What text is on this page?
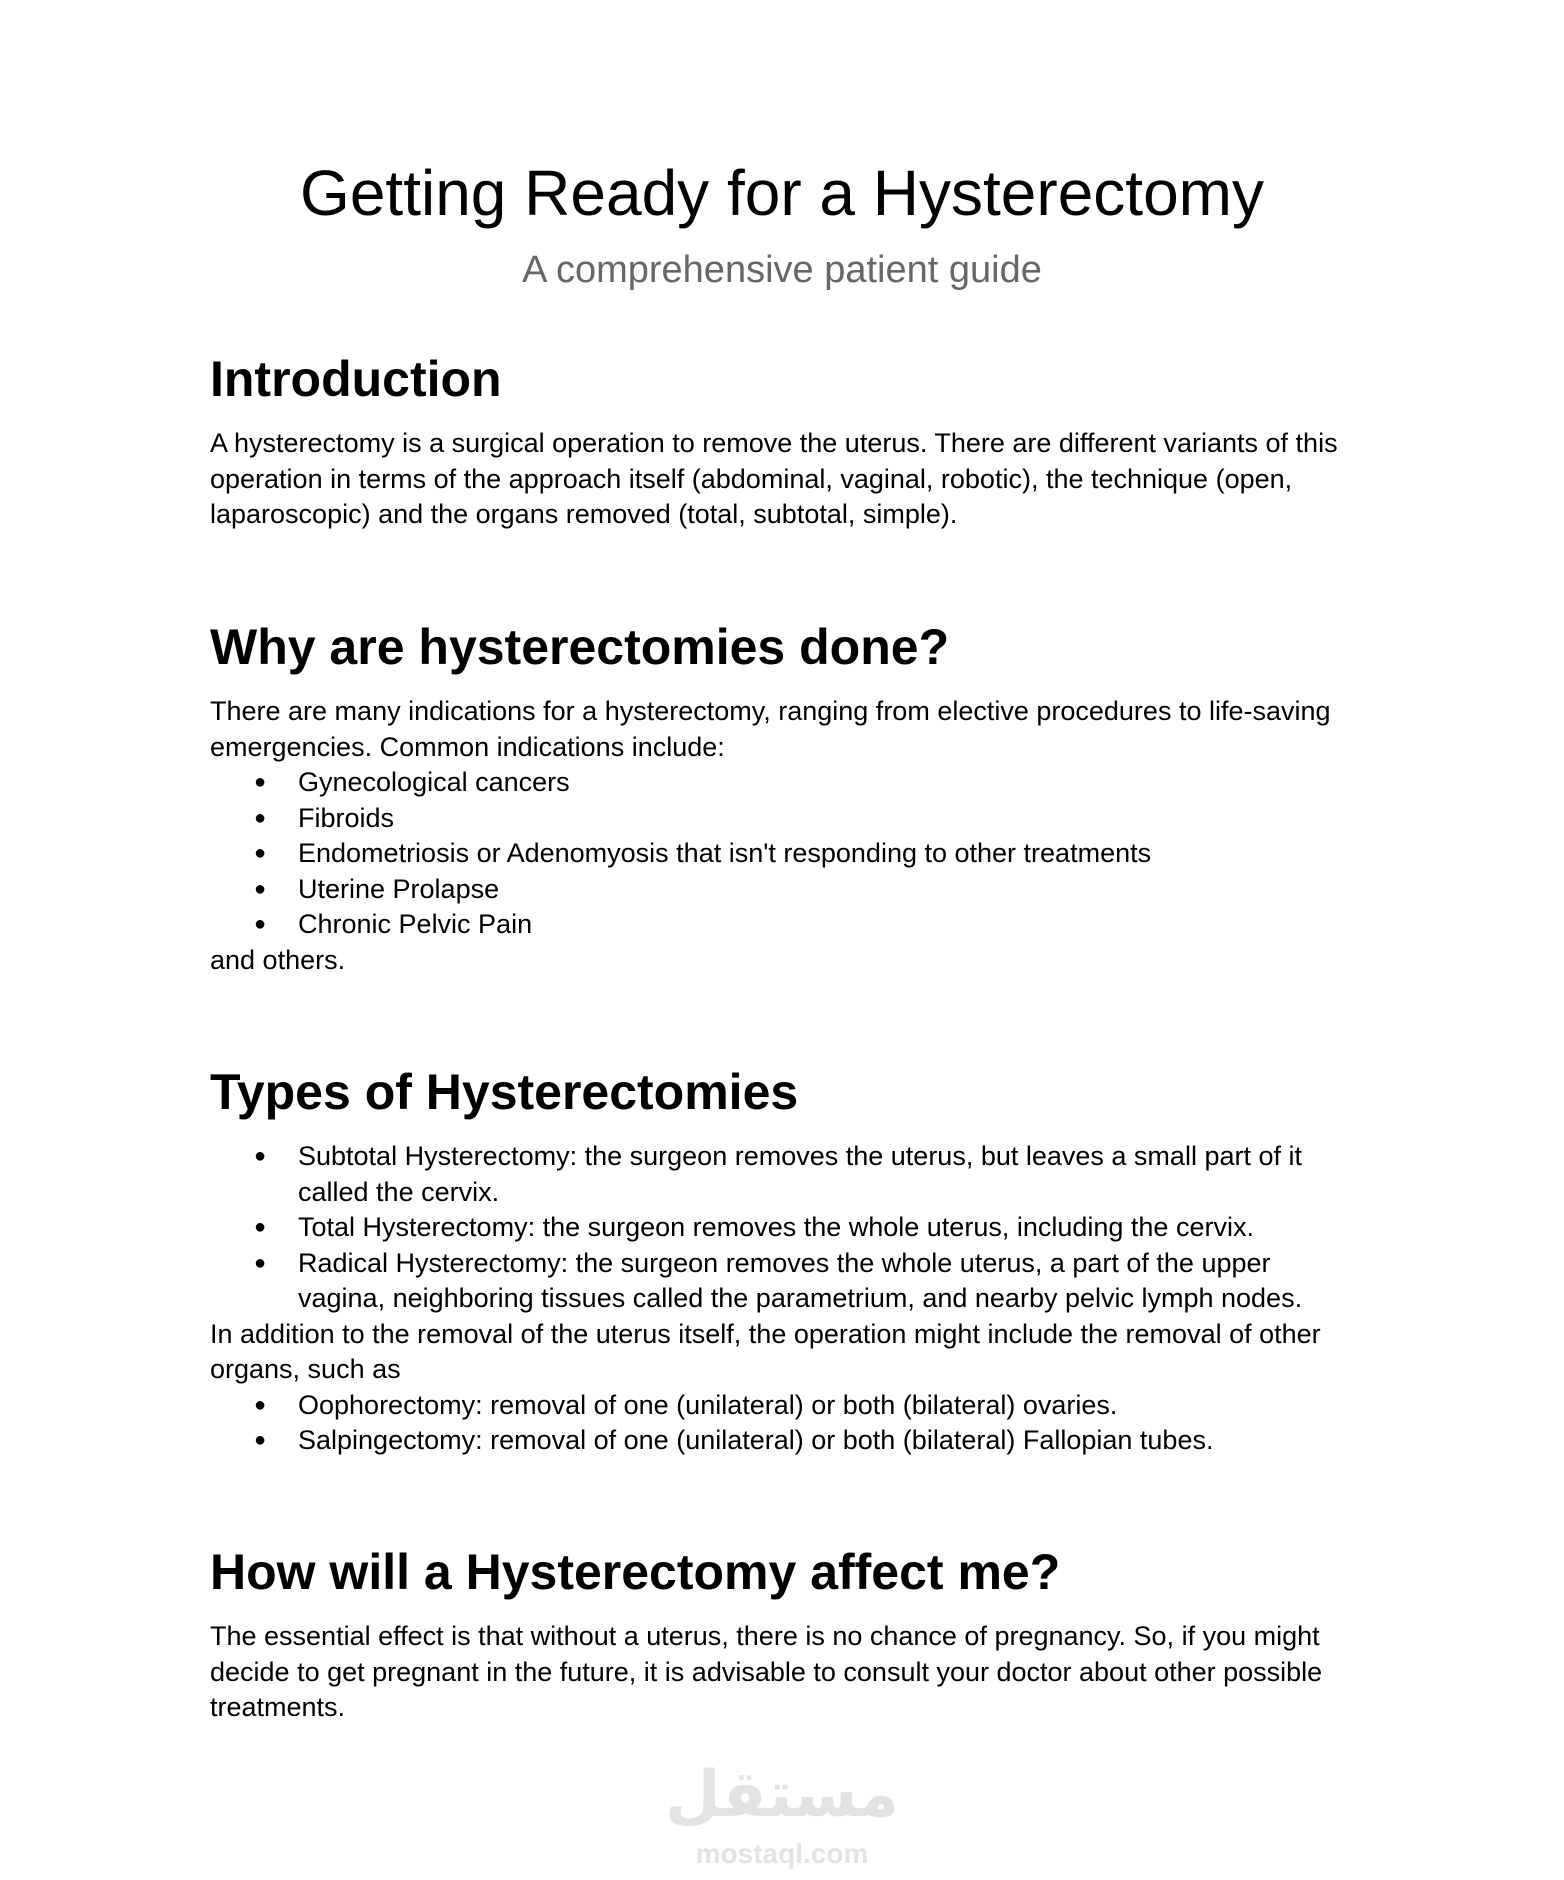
Getting Ready for a Hysterectomy
A comprehensive patient guide
Introduction

A hysterectomy is a surgical operation to remove the uterus. There are different variants of this operation in terms of the approach itself (abdominal, vaginal, robotic), the technique (open, laparoscopic) and the organs removed (total, subtotal, simple).

Why are hysterectomies done?

There are many indications for a hysterectomy, ranging from elective procedures to life-saving emergencies. Common indications include:

● Gynecological cancers
● Fibroids
● Endometriosis or Adenomyosis that isn't responding to other treatments
● Uterine Prolapse
● Chronic Pelvic Pain

and others.

Types of Hysterectomies
● Subtotal Hysterectomy: the surgeon removes the uterus, but leaves a small part of it called the cervix.
● Total Hysterectomy: the surgeon removes the whole uterus, including the cervix.
● Radical Hysterectomy: the surgeon removes the whole uterus, a part of the upper vagina, neighboring tissues called the parametrium, and nearby pelvic lymph nodes.

In addition to the removal of the uterus itself, the operation might include the removal of other organs, such as

● Oophorectomy: removal of one (unilateral) or both (bilateral) ovaries.
● Salpingectomy: removal of one (unilateral) or both (bilateral) Fallopian tubes.
How will a Hysterectomy affect me?

The essential effect is that without a uterus, there is no chance of pregnancy. So, if you might decide to get pregnant in the future, it is advisable to consult your doctor about other possible treatments.

مستقل
mostaql.com
